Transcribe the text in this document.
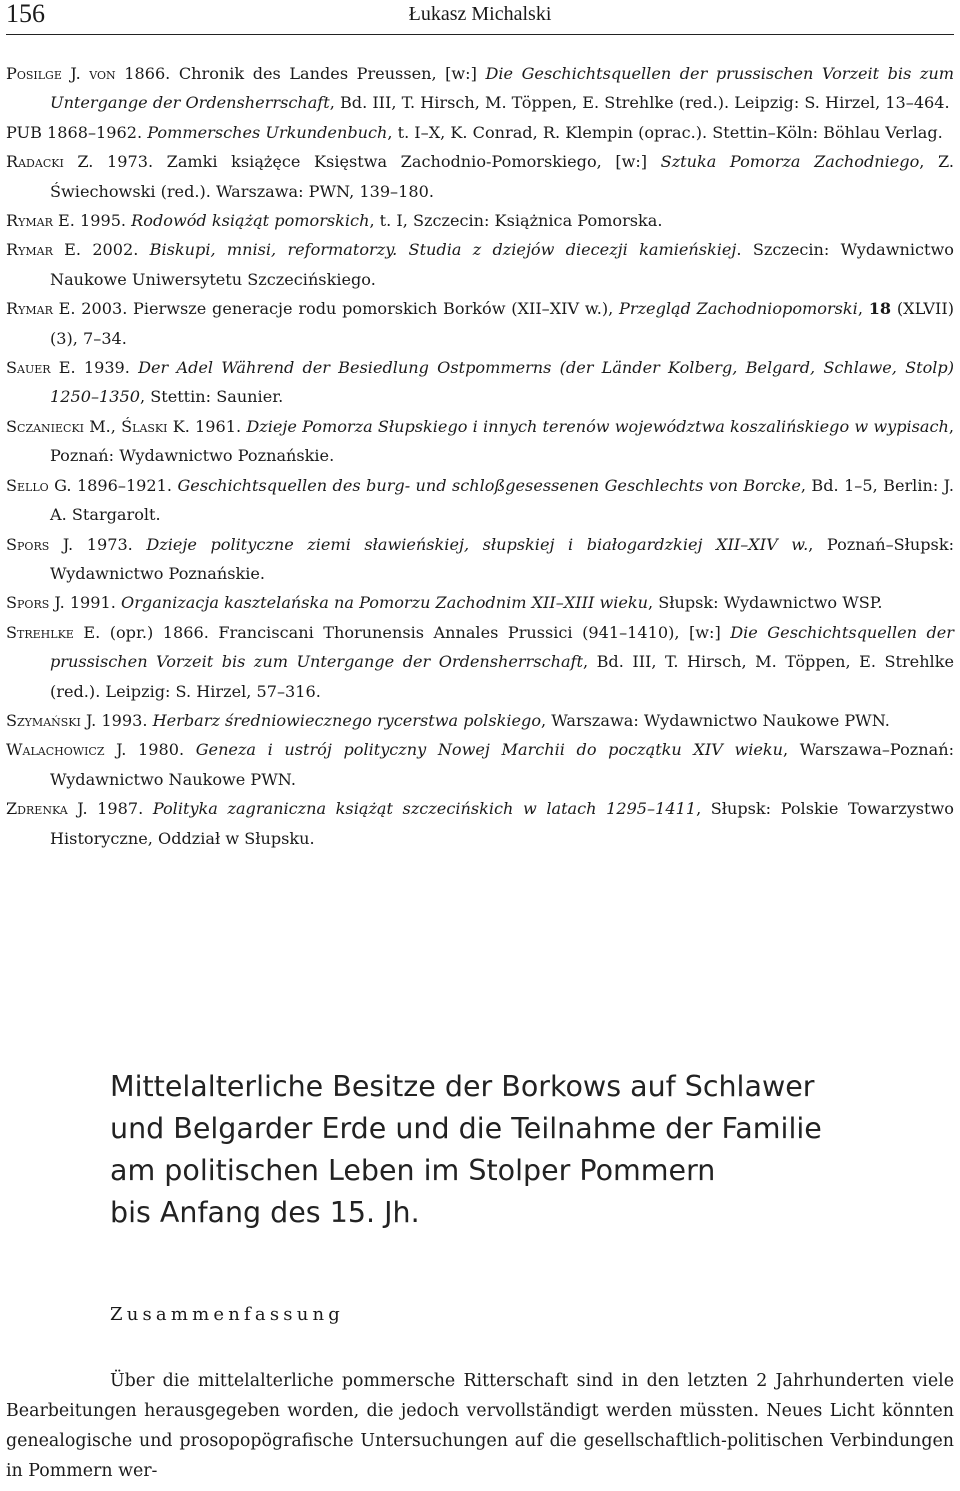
156	Łukasz Michalski

Posilge J. von 1866. Chronik des Landes Preussen, [w:] Die Geschichtsquellen der prussischen Vorzeit bis zum Untergange der Ordensherrschaft, Bd. III, T. Hirsch, M. Töppen, E. Strehlke (red.). Leipzig: S. Hirzel, 13–464.

PUB 1868–1962. Pommersches Urkundenbuch, t. I–X, K. Conrad, R. Klempin (oprac.). Stettin–Köln: Böhlau Verlag.

Radacki Z. 1973. Zamki książęce Księstwa Zachodnio-Pomorskiego, [w:] Sztuka Pomorza Zachodniego, Z. Świechowski (red.). Warszawa: PWN, 139–180.

Rymar E. 1995. Rodowód książąt pomorskich, t. I, Szczecin: Książnica Pomorska.

Rymar E. 2002. Biskupi, mnisi, reformatorzy. Studia z dziejów diecezji kamieńskiej. Szczecin: Wydawnictwo Naukowe Uniwersytetu Szczecińskiego.

Rymar E. 2003. Pierwsze generacje rodu pomorskich Borków (XII–XIV w.), Przegląd Zachodniopomorski, 18 (XLVII)(3), 7–34.

Sauer E. 1939. Der Adel Während der Besiedlung Ostpommerns (der Länder Kolberg, Belgard, Schlawe, Stolp) 1250–1350, Stettin: Saunier.

Sczaniecki M., Ślaski K. 1961. Dzieje Pomorza Słupskiego i innych terenów województwa koszalińskiego w wypisach, Poznań: Wydawnictwo Poznańskie.

Sello G. 1896–1921. Geschichtsquellen des burg- und schloßgesessenen Geschlechts von Borcke, Bd. 1–5, Berlin: J. A. Stargarolt.

Spors J. 1973. Dzieje polityczne ziemi sławieńskiej, słupskiej i białogardzkiej XII–XIV w., Poznań–Słupsk: Wydawnictwo Poznańskie.

Spors J. 1991. Organizacja kasztelańska na Pomorzu Zachodnim XII–XIII wieku, Słupsk: Wydawnictwo WSP.

Strehlke E. (opr.) 1866. Franciscani Thorunensis Annales Prussici (941–1410), [w:] Die Geschichtsquellen der prussischen Vorzeit bis zum Untergange der Ordensherrschaft, Bd. III, T. Hirsch, M. Töppen, E. Strehlke (red.). Leipzig: S. Hirzel, 57–316.

Szymański J. 1993. Herbarz średniowiecznego rycerstwa polskiego, Warszawa: Wydawnictwo Naukowe PWN.

Walachowicz J. 1980. Geneza i ustrój polityczny Nowej Marchii do początku XIV wieku, Warszawa–Poznań: Wydawnictwo Naukowe PWN.

Zdrenka J. 1987. Polityka zagraniczna książąt szczecińskich w latach 1295–1411, Słupsk: Polskie Towarzystwo Historyczne, Oddział w Słupsku.

Mittelalterliche Besitze der Borkows auf Schlawer
und Belgarder Erde und die Teilnahme der Familie
am politischen Leben im Stolper Pommern
bis Anfang des 15. Jh.

Zusammenfassung

Über die mittelalterliche pommersche Ritterschaft sind in den letzten 2 Jahrhunderten viele Bearbeitungen herausgegeben worden, die jedoch vervollständigt werden müssten. Neues Licht könnten genealogische und prosopopögrafische Untersuchungen auf die gesellschaftlich-politischen Verbindungen in Pommern wer-
